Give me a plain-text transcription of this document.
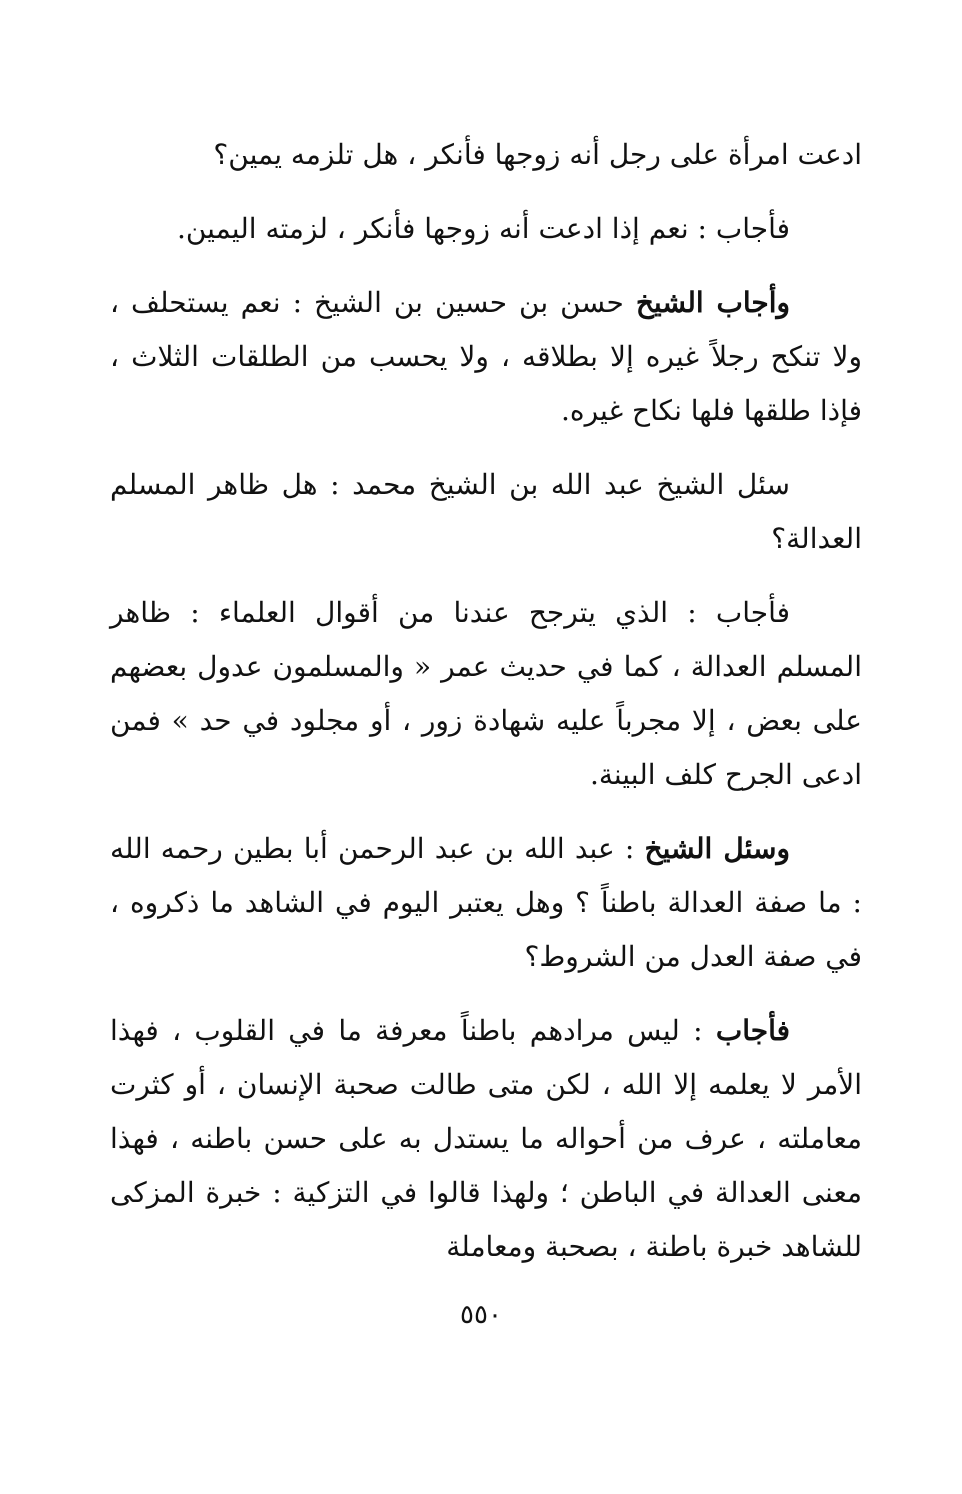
ادعت امرأة على رجل أنه زوجها فأنكر ، هل تلزمه يمين؟

فأجاب : نعم إذا ادعت أنه زوجها فأنكر ، لزمته اليمين.

وأجاب الشيخ حسن بن حسين بن الشيخ : نعم يستحلف ، ولا تنكح رجلاً غيره إلا بطلاقه ، ولا يحسب من الطلقات الثلاث ، فإذا طلقها فلها نكاح غيره.

سئل الشيخ عبد الله بن الشيخ محمد : هل ظاهر المسلم العدالة؟

فأجاب : الذي يترجح عندنا من أقوال العلماء : ظاهر المسلم العدالة ، كما في حديث عمر « والمسلمون عدول بعضهم على بعض ، إلا مجرباً عليه شهادة زور ، أو مجلود في حد » فمن ادعى الجرح كلف البينة.

وسئل الشيخ : عبد الله بن عبد الرحمن أبا بطين رحمه الله : ما صفة العدالة باطناً ؟ وهل يعتبر اليوم في الشاهد ما ذكروه ، في صفة العدل من الشروط؟

فأجاب : ليس مرادهم باطناً معرفة ما في القلوب ، فهذا الأمر لا يعلمه إلا الله ، لكن متى طالت صحبة الإنسان ، أو كثرت معاملته ، عرف من أحواله ما يستدل به على حسن باطنه ، فهذا معنى العدالة في الباطن ؛ ولهذا قالوا في التزكية : خبرة المزكى للشاهد خبرة باطنة ، بصحبة ومعاملة

٥٥٠
